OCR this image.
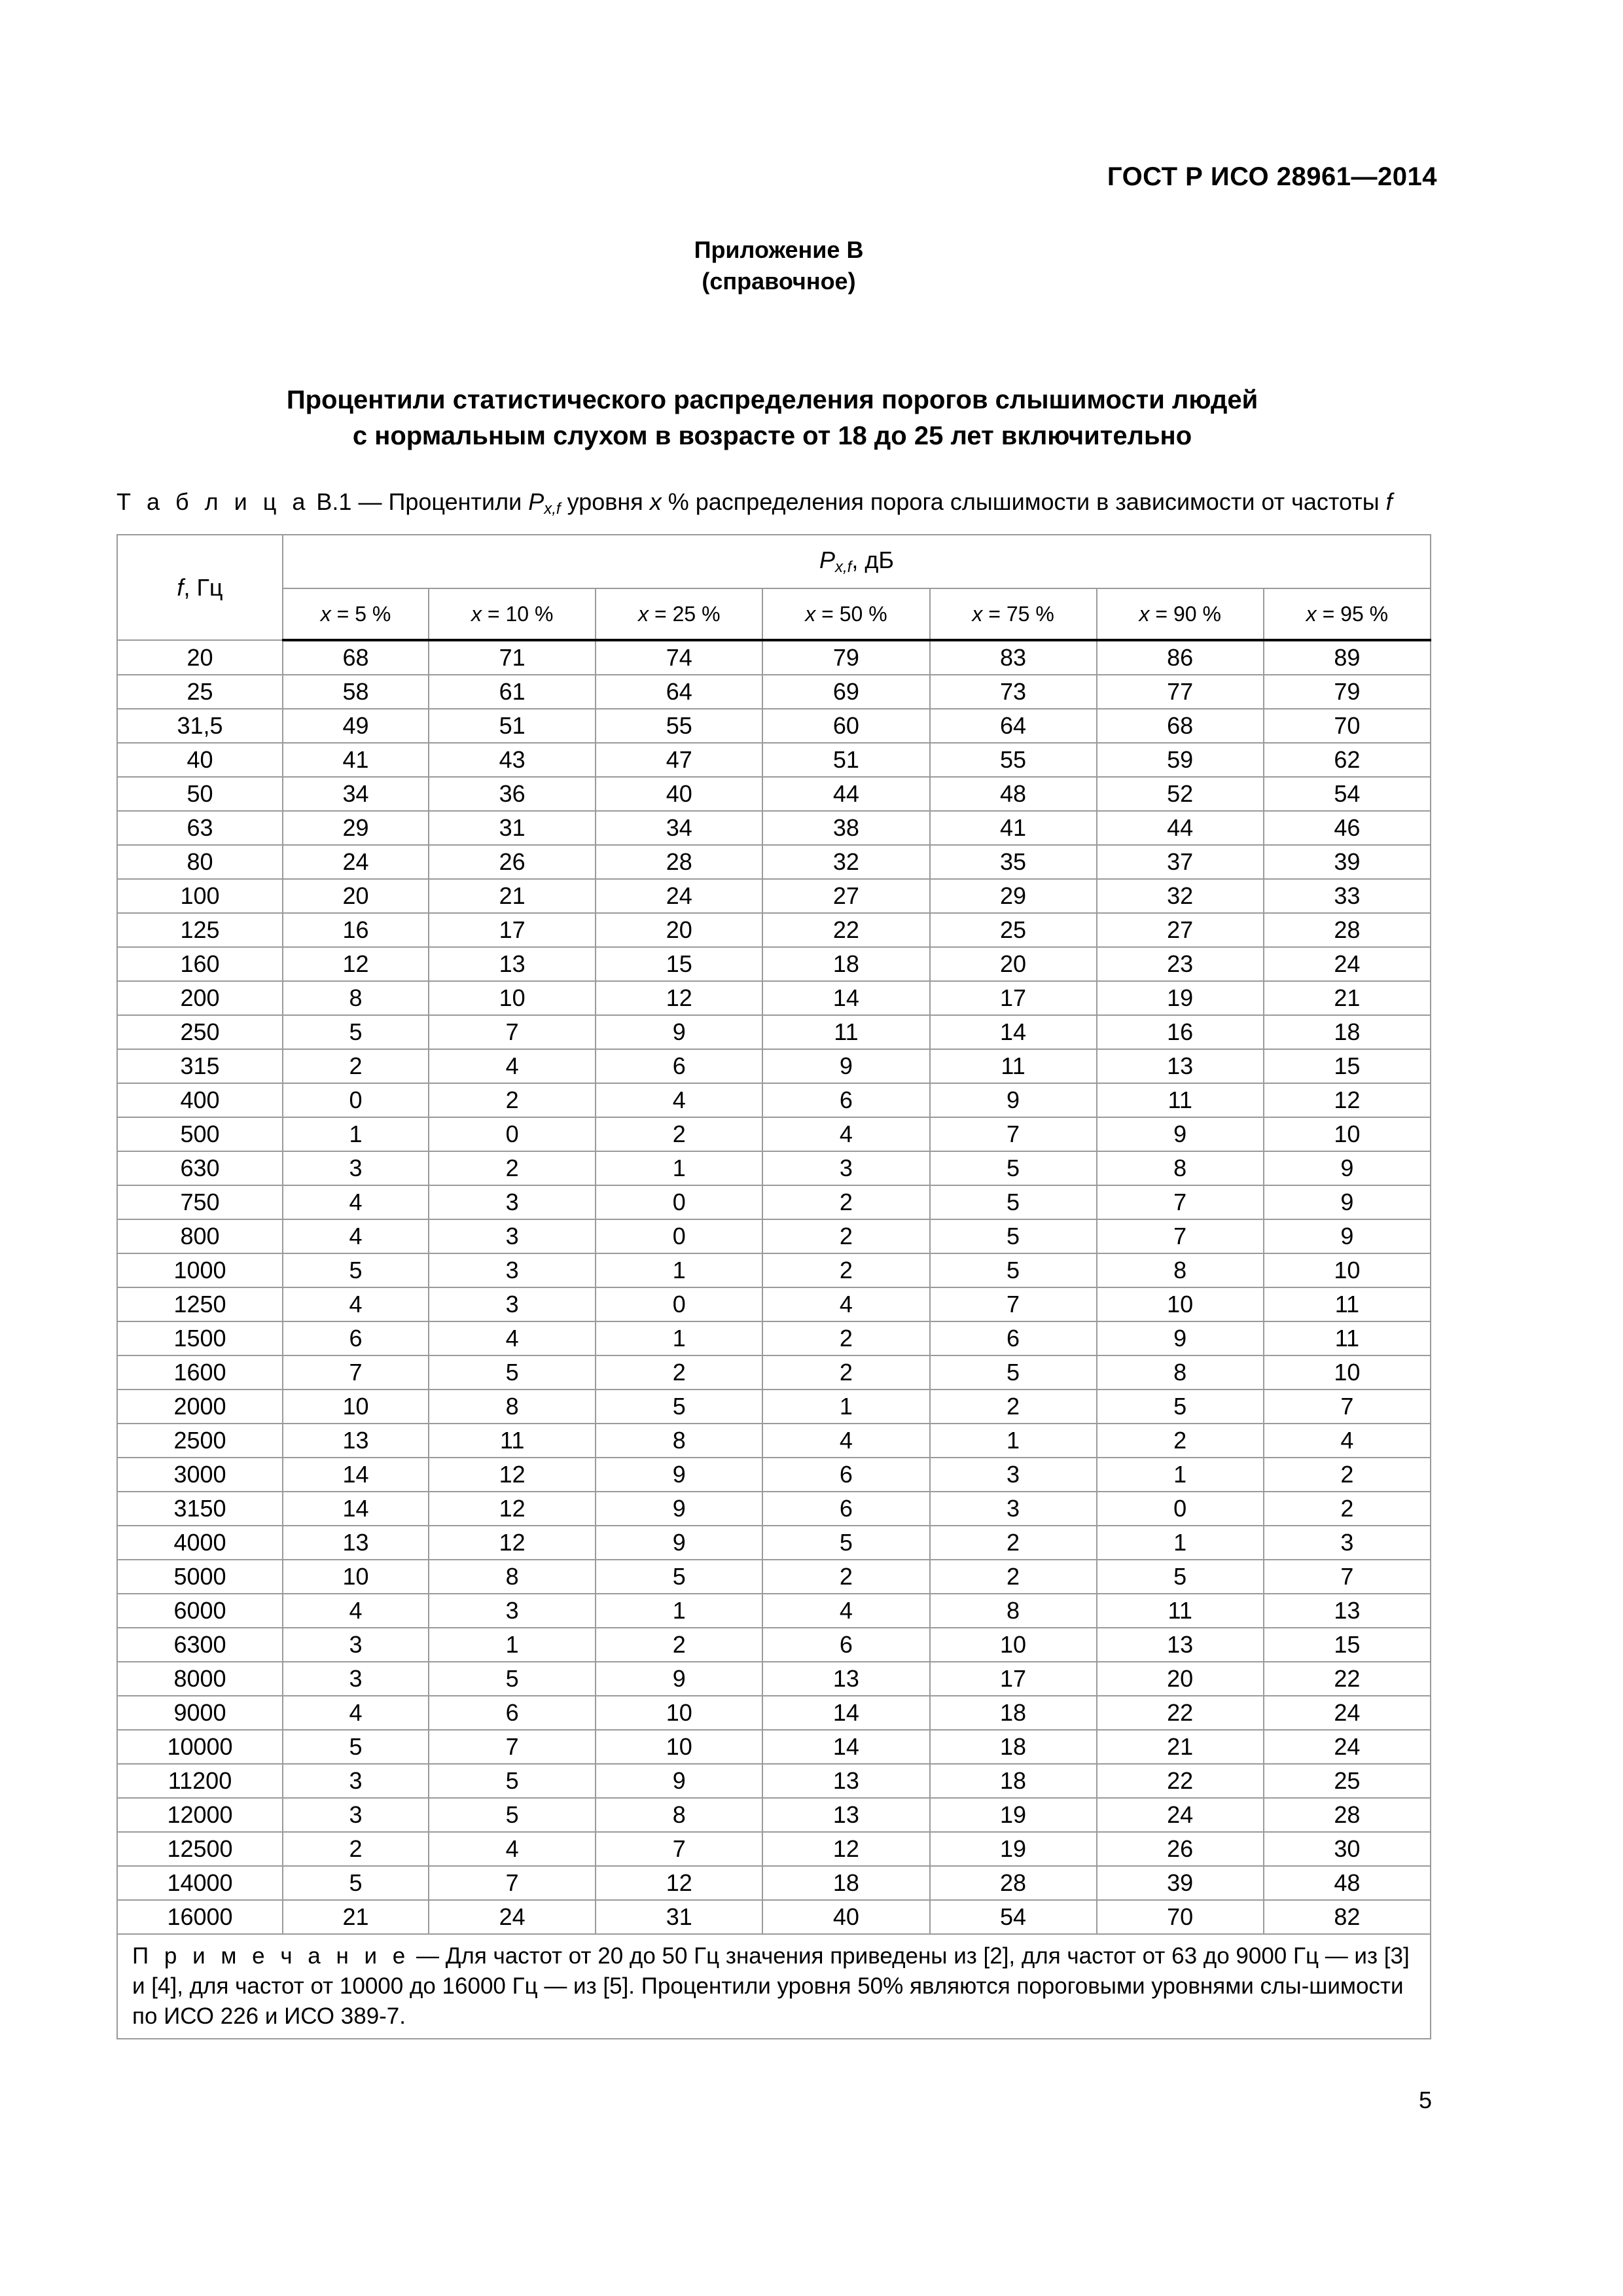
ГОСТ Р ИСО 28961—2014
Приложение В
(справочное)
Процентили статистического распределения порогов слышимости людей
с нормальным слухом в возрасте от 18 до 25 лет включительно
Т а б л и ц а В.1 — Процентили $P_{x,f}$ уровня x % распределения порога слышимости в зависимости от частоты f
f, Гц	$P_{x,f}$, дБ						
	x = 5 %	x = 10 %	x = 25 %	x = 50 %	x = 75 %	x = 90 %	x = 95 %
20	68	71	74	79	83	86	89
25	58	61	64	69	73	77	79
31,5	49	51	55	60	64	68	70
40	41	43	47	51	55	59	62
50	34	36	40	44	48	52	54
63	29	31	34	38	41	44	46
80	24	26	28	32	35	37	39
100	20	21	24	27	29	32	33
125	16	17	20	22	25	27	28
160	12	13	15	18	20	23	24
200	8	10	12	14	17	19	21
250	5	7	9	11	14	16	18
315	2	4	6	9	11	13	15
400	0	2	4	6	9	11	12
500	1	0	2	4	7	9	10
630	3	2	1	3	5	8	9
750	4	3	0	2	5	7	9
800	4	3	0	2	5	7	9
1000	5	3	1	2	5	8	10
1250	4	3	0	4	7	10	11
1500	6	4	1	2	6	9	11
1600	7	5	2	2	5	8	10
2000	10	8	5	1	2	5	7
2500	13	11	8	4	1	2	4
3000	14	12	9	6	3	1	2
3150	14	12	9	6	3	0	2
4000	13	12	9	5	2	1	3
5000	10	8	5	2	2	5	7
6000	4	3	1	4	8	11	13
6300	3	1	2	6	10	13	15
8000	3	5	9	13	17	20	22
9000	4	6	10	14	18	22	24
10000	5	7	10	14	18	21	24
11200	3	5	9	13	18	22	25
12000	3	5	8	13	19	24	28
12500	2	4	7	12	19	26	30
14000	5	7	12	18	28	39	48
16000	21	24	31	40	54	70	82
П р и м е ч а н и е — Для частот от 20 до 50 Гц значения приведены из [2], для частот от 63 до 9000 Гц — из [3] и [4], для частот от 10000 до 16000 Гц — из [5]. Процентили уровня 50% являются пороговыми уровнями слы-шимости по ИСО 226 и ИСО 389-7.							
5
